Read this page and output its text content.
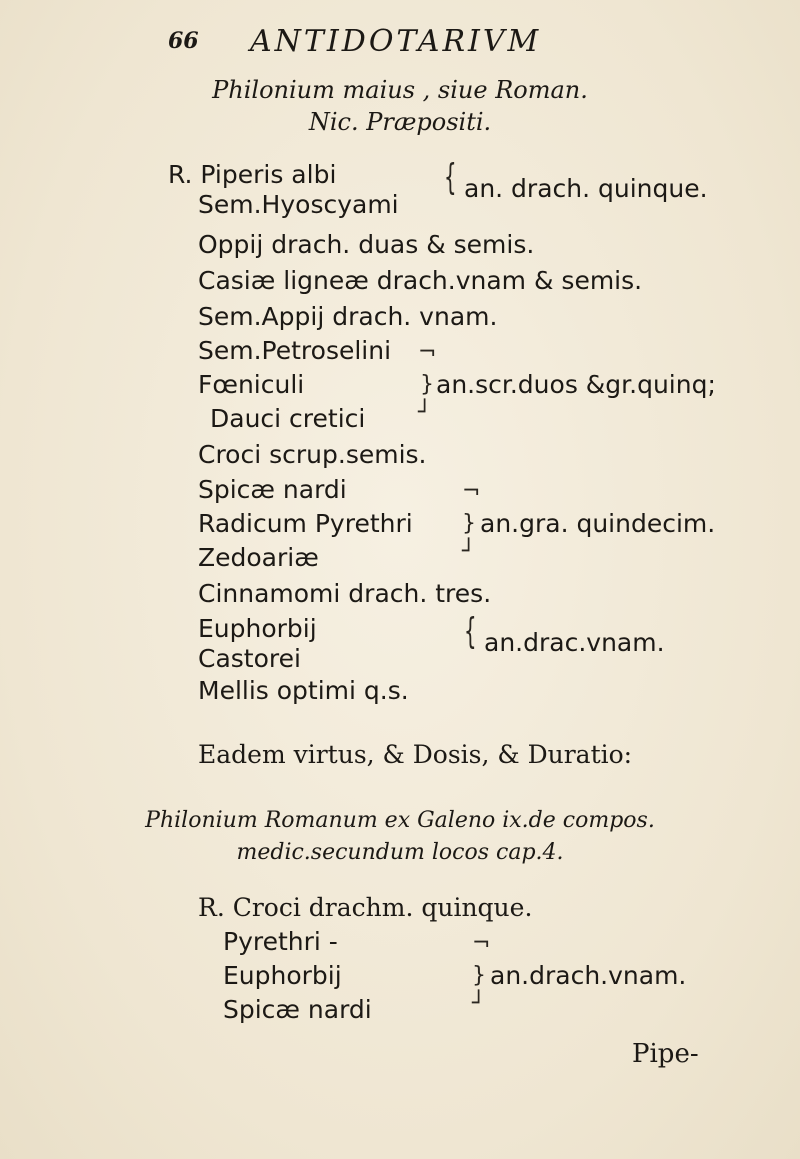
66 ANTIDOTARIVM
Philonium maius , siue Roman.
Nic. Præpositi.
R. Piperis albi
Sem.Hyoscyami
{ an. drach. quinque.
Oppij drach. duas & semis.
Casiæ ligneæ drach.vnam & semis.
Sem.Appij drach. vnam.
Sem.Petroselini
Fœniculi
Dauci cretici
¬
}
┘
an.scr.duos &gr.quinq;
Croci scrup.semis.
Spicæ nardi
Radicum Pyrethri
Zedoariæ
¬
}
┘
an.gra. quindecim.
Cinnamomi drach. tres.
Euphorbij
Castorei
{ an.drac.vnam.
Mellis optimi q.s.
Eadem virtus, & Dosis, & Duratio:
Philonium Romanum ex Galeno ix.de compos.
medic.secundum locos cap.4.
R. Croci drachm. quinque.
Pyrethri -
Euphorbij
Spicæ nardi
¬
}
┘
an.drach.vnam.
Pipe-
